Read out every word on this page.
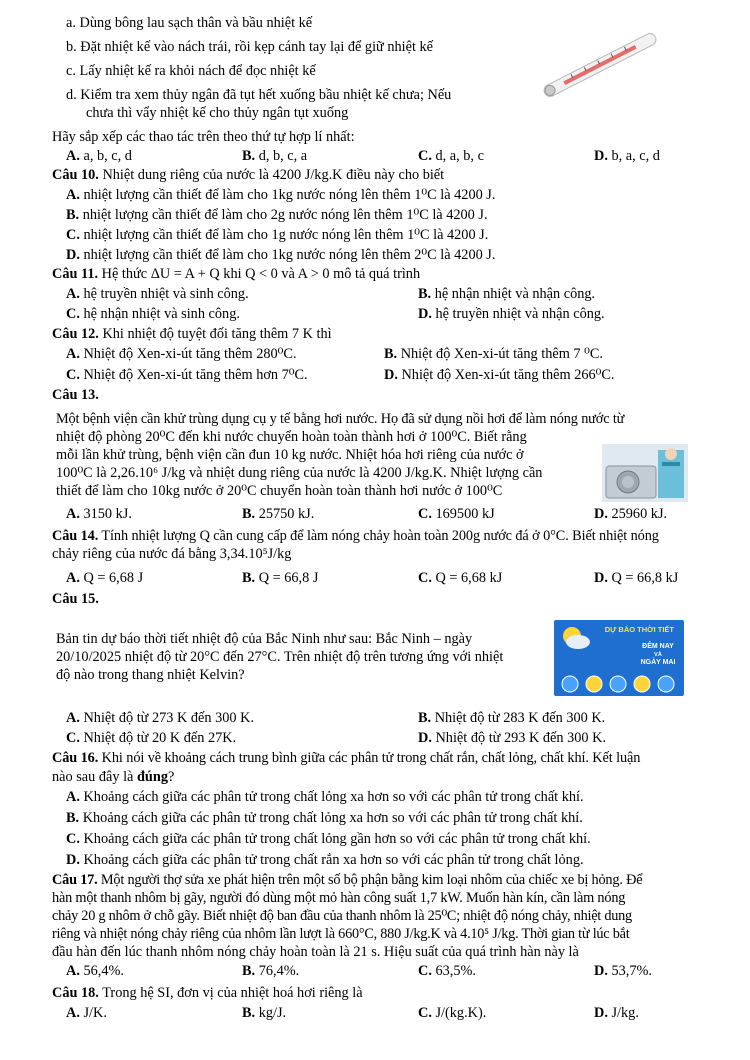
a. Dùng bông lau sạch thân và bầu nhiệt kế
b. Đặt nhiệt kế vào nách trái, rồi kẹp cánh tay lại để giữ nhiệt kế
c. Lấy nhiệt kế ra khỏi nách để đọc nhiệt kế
d. Kiểm tra xem thủy ngân đã tụt hết xuống bầu nhiệt kế chưa; Nếu
chưa thì vẩy nhiệt kế cho thủy ngân tụt xuống
Hãy sắp xếp các thao tác trên theo thứ tự hợp lí nhất:
A. a, b, c, d	B. d, b, c, a	C. d, a, b, c	D. b, a, c, d
Câu 10. Nhiệt dung riêng của nước là 4200 J/kg.K điều này cho biết
A. nhiệt lượng cần thiết để làm cho 1kg nước nóng lên thêm 1⁰C là 4200 J.
B. nhiệt lượng cần thiết để làm cho 2g nước nóng lên thêm 1⁰C là 4200 J.
C. nhiệt lượng cần thiết để làm cho 1g nước nóng lên thêm 1⁰C là 4200 J.
D. nhiệt lượng cần thiết để làm cho 1kg nước nóng lên thêm 2⁰C là 4200 J.
Câu 11. Hệ thức ΔU = A + Q khi Q < 0 và A > 0 mô tả quá trình
A. hệ truyền nhiệt và sinh công.	B. hệ nhận nhiệt và nhận công.
C. hệ nhận nhiệt và sinh công.	D. hệ truyền nhiệt và nhận công.
Câu 12. Khi nhiệt độ tuyệt đối tăng thêm 7 K thì
A. Nhiệt độ Xen-xi-út tăng thêm 280⁰C.	B. Nhiệt độ Xen-xi-út tăng thêm 7 ⁰C.
C. Nhiệt độ Xen-xi-út tăng thêm hơn 7⁰C.	D. Nhiệt độ Xen-xi-út tăng thêm 266⁰C.
Câu 13.
Một bệnh viện cần khử trùng dụng cụ y tế bằng hơi nước. Họ đã sử dụng nồi hơi để làm nóng nước từ
nhiệt độ phòng 20⁰C đến khi nước chuyển hoàn toàn thành hơi ở 100⁰C. Biết rằng
mỗi lần khử trùng, bệnh viện cần đun 10 kg nước. Nhiệt hóa hơi riêng của nước ở
100⁰C là 2,26.10⁶ J/kg và nhiệt dung riêng của nước là 4200 J/kg.K. Nhiệt lượng cần
thiết để làm cho 10kg nước ở 20⁰C chuyển hoàn toàn thành hơi nước ở 100⁰C
A. 3150 kJ.	B. 25750 kJ.	C. 169500 kJ	D. 25960 kJ.
Câu 14. Tính nhiệt lượng Q cần cung cấp để làm nóng chảy hoàn toàn 200g nước đá ở 0°C. Biết nhiệt nóng
chảy riêng của nước đá bằng 3,34.10⁵J/kg
A. Q = 6,68 J	B. Q = 66,8 J	C. Q = 6,68 kJ	D. Q = 66,8 kJ
Câu 15.
Bản tin dự báo thời tiết nhiệt độ của Bắc Ninh như sau: Bắc Ninh – ngày
20/10/2025 nhiệt độ từ 20°C đến 27°C. Trên nhiệt độ trên tương ứng với nhiệt
độ nào trong thang nhiệt Kelvin?
DỰ BÁO THỜI TIẾT
ĐÊM NAY
VÀ
NGÀY MAI
A. Nhiệt độ từ 273 K đến 300 K.	B. Nhiệt độ từ 283 K đến 300 K.
C. Nhiệt độ từ 20 K đến 27K.	D. Nhiệt độ từ 293 K đến 300 K.
Câu 16. Khi nói về khoảng cách trung bình giữa các phân tử trong chất rắn, chất lỏng, chất khí. Kết luận
nào sau đây là đúng?
A. Khoảng cách giữa các phân tử trong chất lỏng xa hơn so với các phân tử trong chất khí.
B. Khoảng cách giữa các phân tử trong chất lỏng xa hơn so với các phân tử trong chất khí.
C. Khoảng cách giữa các phân tử trong chất lỏng gần hơn so với các phân tử trong chất khí.
D. Khoảng cách giữa các phân tử trong chất rắn xa hơn so với các phân tử trong chất lỏng.
Câu 17. Một người thợ sửa xe phát hiện trên một số bộ phận bằng kim loại nhôm của chiếc xe bị hỏng. Để
hàn một thanh nhôm bị gãy, người đó dùng một mỏ hàn công suất 1,7 kW. Muốn hàn kín, cần làm nóng
chảy 20 g nhôm ở chỗ gãy. Biết nhiệt độ ban đầu của thanh nhôm là 25⁰C; nhiệt độ nóng chảy, nhiệt dung
riêng và nhiệt nóng chảy riêng của nhôm lần lượt là 660°C, 880 J/kg.K và 4.10⁵ J/kg. Thời gian từ lúc bắt
đầu hàn đến lúc thanh nhôm nóng chảy hoàn toàn là 21 s. Hiệu suất của quá trình hàn này là
A. 56,4%.	B. 76,4%.	C. 63,5%.	D. 53,7%.
Câu 18. Trong hệ SI, đơn vị của nhiệt hoá hơi riêng là
A. J/K.	B. kg/J.	C. J/(kg.K).	D. J/kg.
